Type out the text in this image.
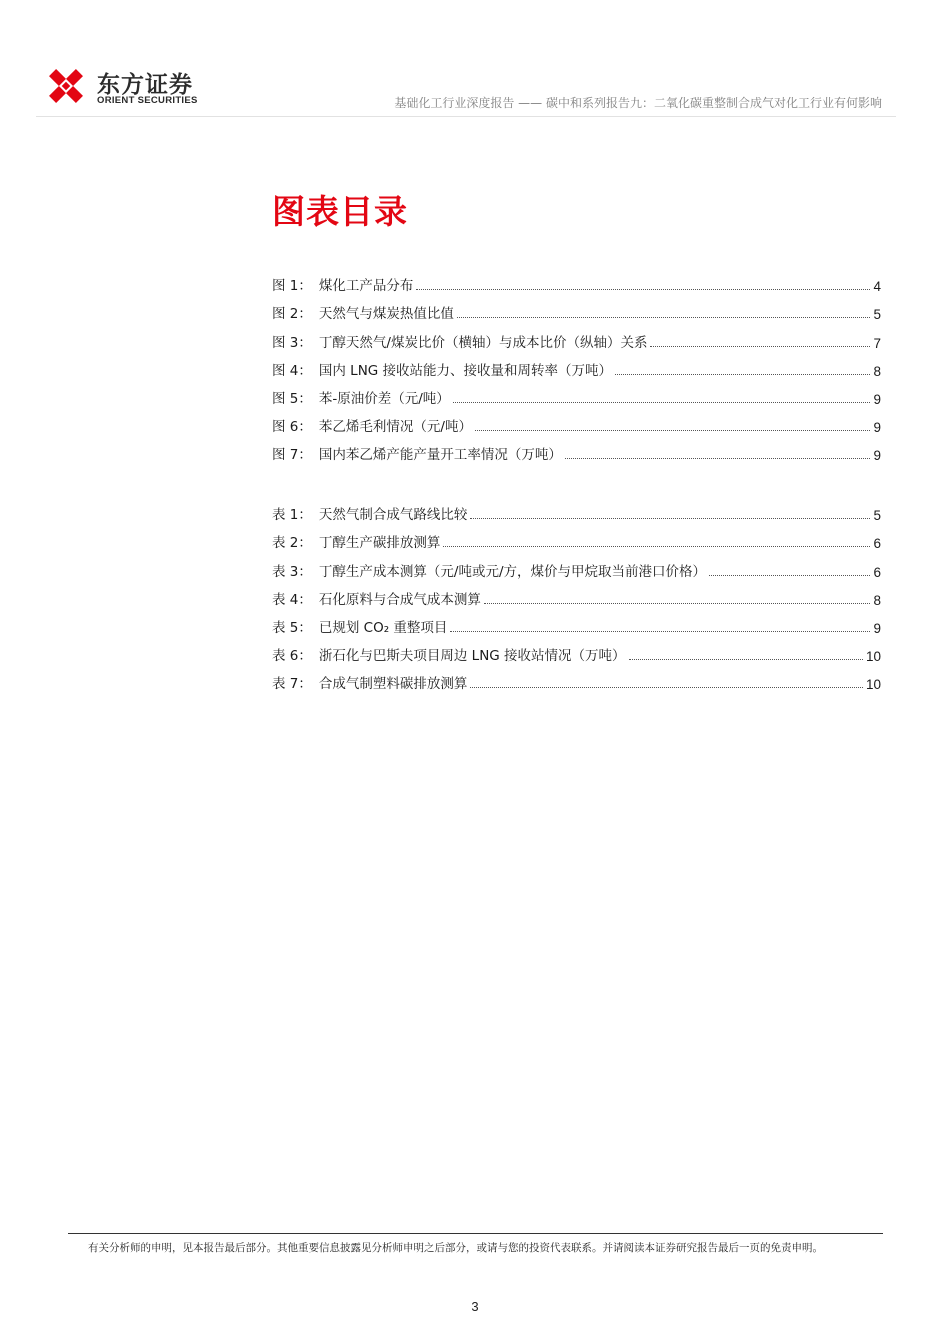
东方证券
ORIENT SECURITIES	基础化工行业深度报告 —— 碳中和系列报告九：二氧化碳重整制合成气对化工行业有何影响
图表目录
图 1： 煤化工产品分布	4
图 2： 天然气与煤炭热值比值	5
图 3： 丁醇天然气/煤炭比价（横轴）与成本比价（纵轴）关系	7
图 4： 国内 LNG 接收站能力、接收量和周转率（万吨）	8
图 5： 苯-原油价差（元/吨）	9
图 6： 苯乙烯毛利情况（元/吨）	9
图 7： 国内苯乙烯产能产量开工率情况（万吨）	9
表 1： 天然气制合成气路线比较	5
表 2： 丁醇生产碳排放测算	6
表 3： 丁醇生产成本测算（元/吨或元/方，煤价与甲烷取当前港口价格）	6
表 4： 石化原料与合成气成本测算	8
表 5： 已规划 CO₂ 重整项目	9
表 6： 浙石化与巴斯夫项目周边 LNG 接收站情况（万吨）	10
表 7： 合成气制塑料碳排放测算	10
有关分析师的申明，见本报告最后部分。其他重要信息披露见分析师申明之后部分，或请与您的投资代表联系。并请阅读本证券研究报告最后一页的免责申明。
3
